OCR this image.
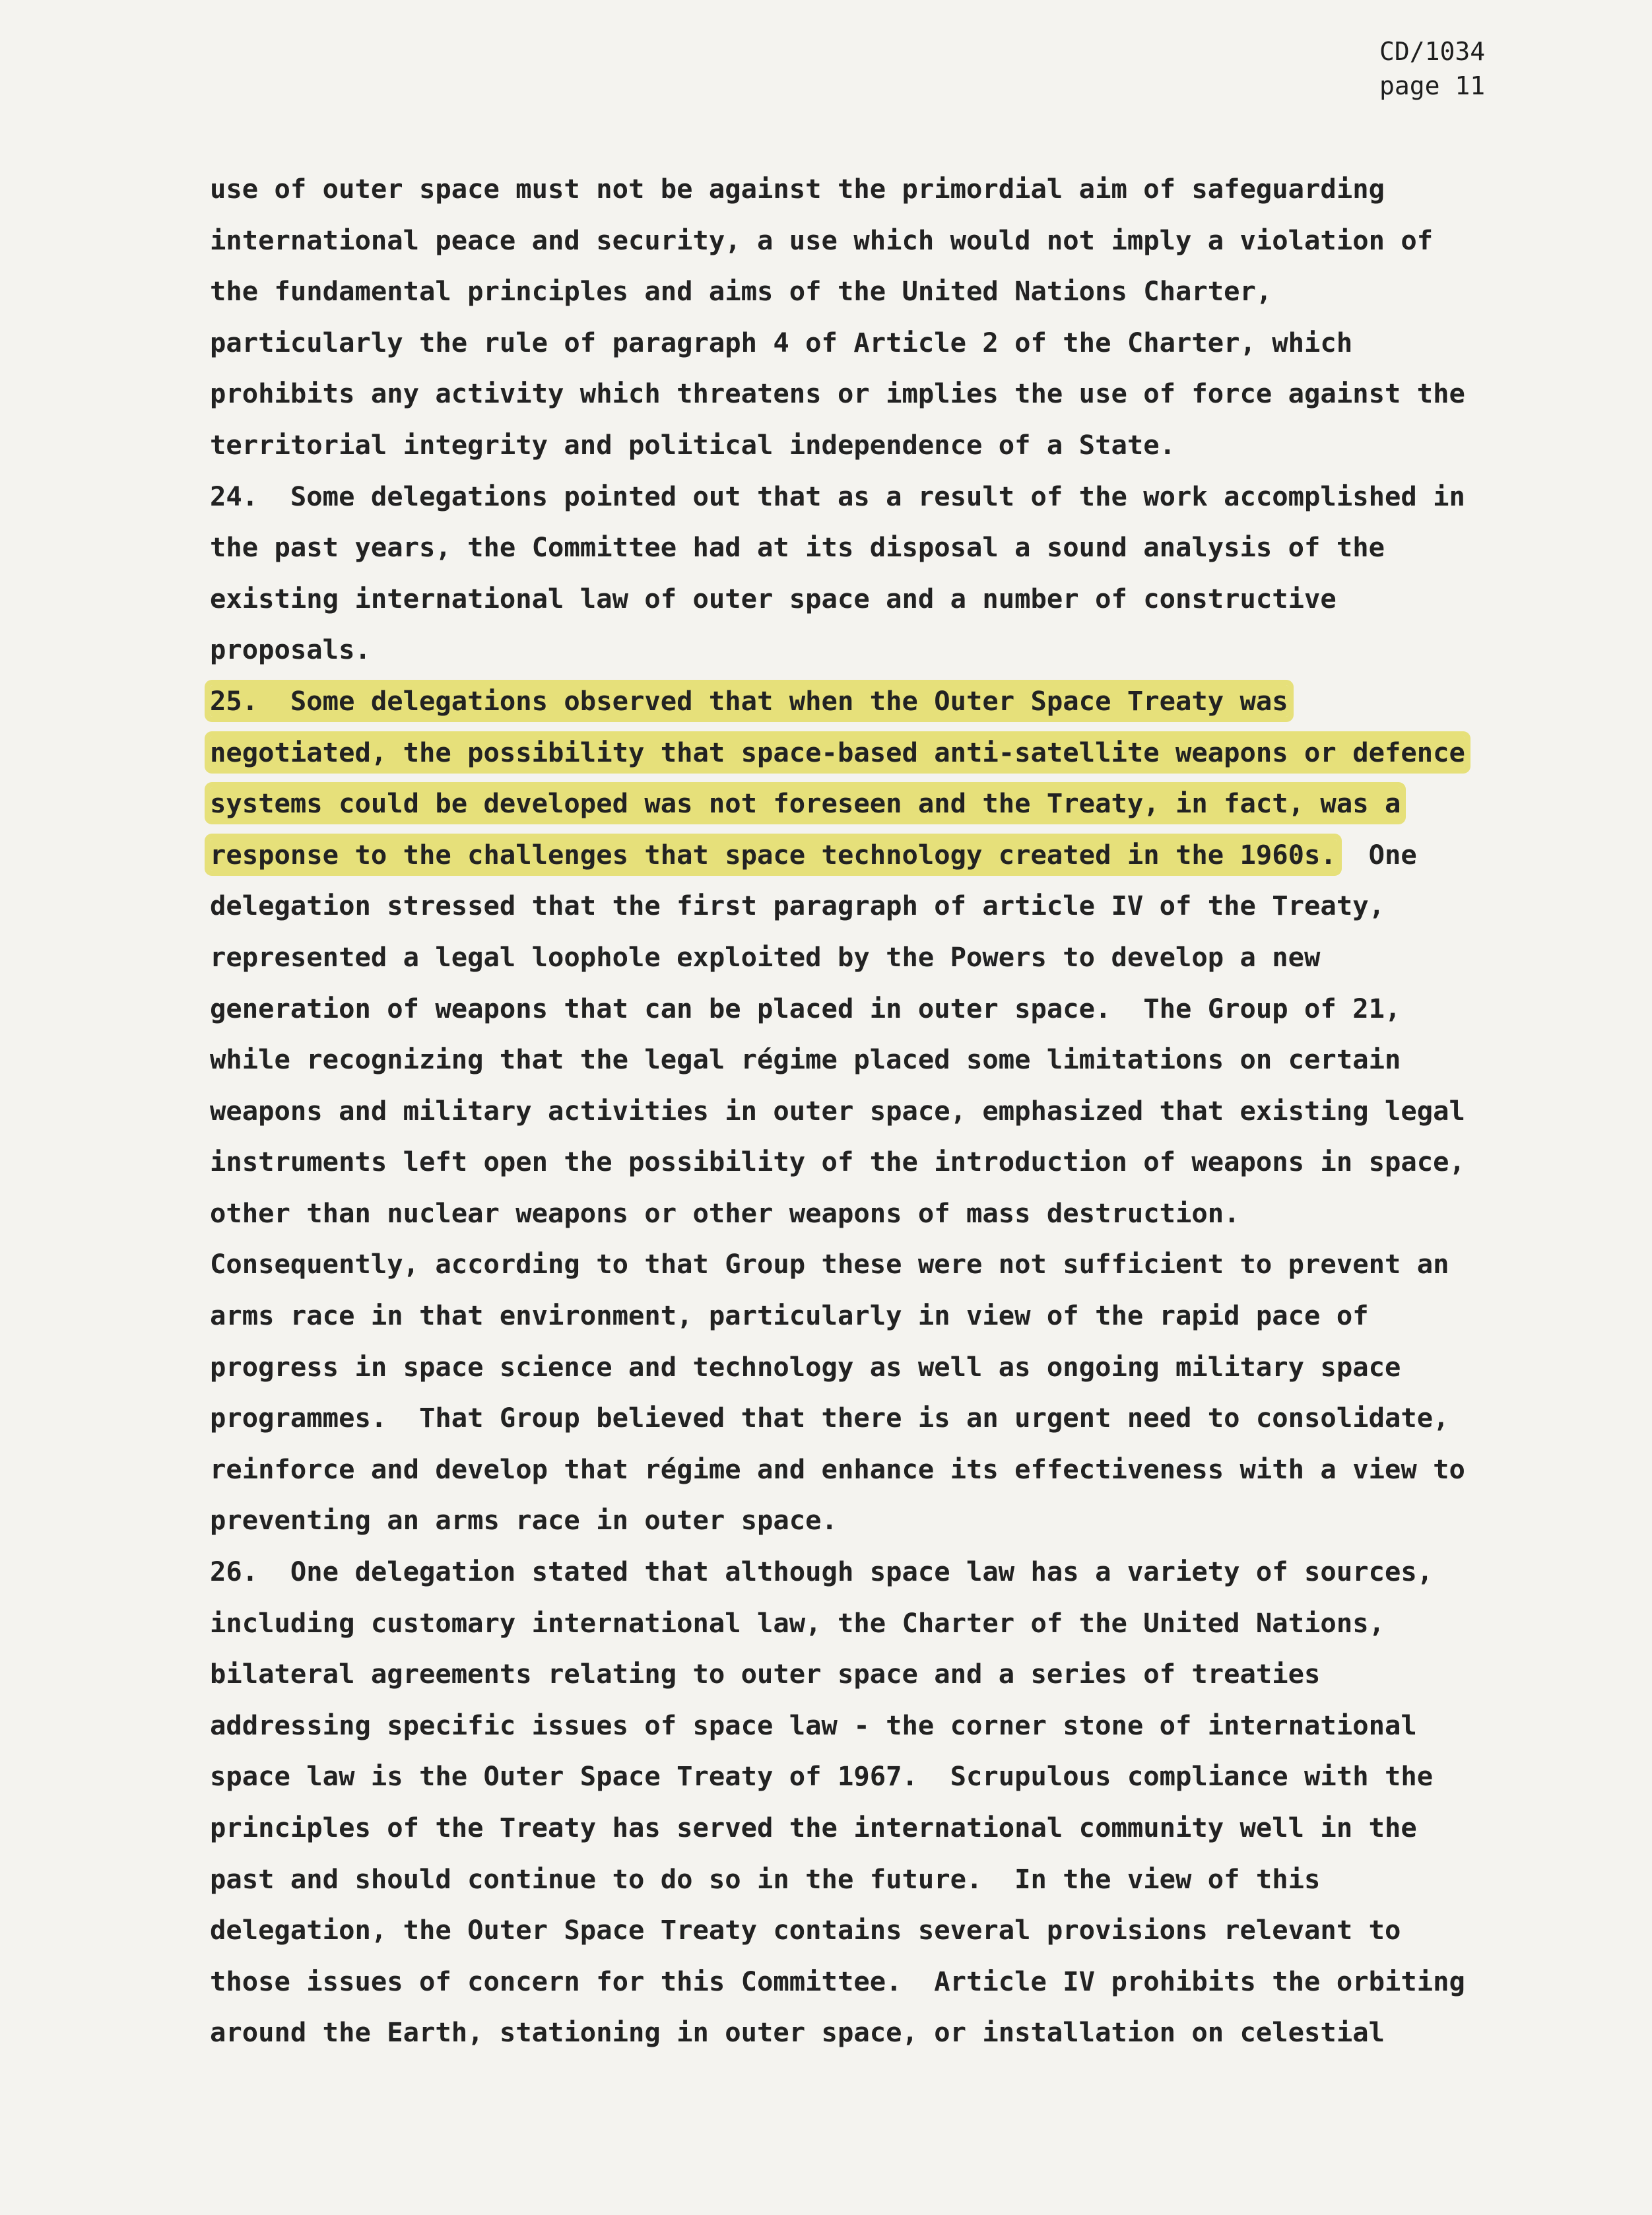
CD/1034
page 11
use of outer space must not be against the primordial aim of safeguarding
international peace and security, a use which would not imply a violation of
the fundamental principles and aims of the United Nations Charter,
particularly the rule of paragraph 4 of Article 2 of the Charter, which
prohibits any activity which threatens or implies the use of force against the
territorial integrity and political independence of a State.
24.  Some delegations pointed out that as a result of the work accomplished in
the past years, the Committee had at its disposal a sound analysis of the
existing international law of outer space and a number of constructive
proposals.
25.  Some delegations observed that when the Outer Space Treaty was
negotiated, the possibility that space-based anti-satellite weapons or defence
systems could be developed was not foreseen and the Treaty, in fact, was a
response to the challenges that space technology created in the 1960s.  One
delegation stressed that the first paragraph of article IV of the Treaty,
represented a legal loophole exploited by the Powers to develop a new
generation of weapons that can be placed in outer space.  The Group of 21,
while recognizing that the legal régime placed some limitations on certain
weapons and military activities in outer space, emphasized that existing legal
instruments left open the possibility of the introduction of weapons in space,
other than nuclear weapons or other weapons of mass destruction.
Consequently, according to that Group these were not sufficient to prevent an
arms race in that environment, particularly in view of the rapid pace of
progress in space science and technology as well as ongoing military space
programmes.  That Group believed that there is an urgent need to consolidate,
reinforce and develop that régime and enhance its effectiveness with a view to
preventing an arms race in outer space.
26.  One delegation stated that although space law has a variety of sources,
including customary international law, the Charter of the United Nations,
bilateral agreements relating to outer space and a series of treaties
addressing specific issues of space law - the corner stone of international
space law is the Outer Space Treaty of 1967.  Scrupulous compliance with the
principles of the Treaty has served the international community well in the
past and should continue to do so in the future.  In the view of this
delegation, the Outer Space Treaty contains several provisions relevant to
those issues of concern for this Committee.  Article IV prohibits the orbiting
around the Earth, stationing in outer space, or installation on celestial
